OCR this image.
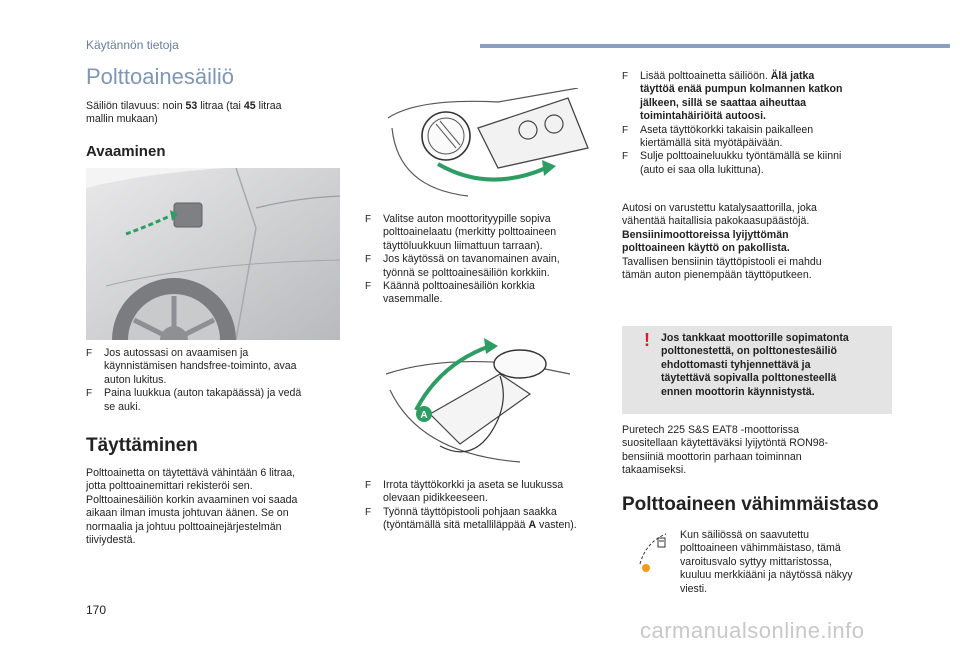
Käytännön tietoja
Polttoainesäiliö
Säiliön tilavuus: noin 53 litraa (tai 45 litraa
mallin mukaan)
Avaaminen
F Jos autossasi on avaamisen ja
käynnistämisen handsfree-toiminto, avaa
auton lukitus.
F Paina luukkua (auton takapäässä) ja vedä
se auki.
Täyttäminen
Polttoainetta on täytettävä vähintään 6 litraa,
jotta polttoainemittari rekisteröi sen.
Polttoainesäiliön korkin avaaminen voi saada
aikaan ilman imusta johtuvan äänen. Se on
normaalia ja johtuu polttoainejärjestelmän
tiiviydestä.
F Valitse auton moottorityypille sopiva
polttoainelaatu (merkitty polttoaineen
täyttöluukkuun liimattuun tarraan).
F Jos käytössä on tavanomainen avain,
työnnä se polttoainesäiliön korkkiin.
F Käännä polttoainesäiliön korkkia
vasemmalle.
A
F Irrota täyttökorkki ja aseta se luukussa
olevaan pidikkeeseen.
F Työnnä täyttöpistooli pohjaan saakka
(työntämällä sitä metalliläppää A vasten).
F Lisää polttoainetta säiliöön. Älä jatka
täyttöä enää pumpun kolmannen katkon
jälkeen, sillä se saattaa aiheuttaa
toimintahäiriöitä autoosi.
F Aseta täyttökorkki takaisin paikalleen
kiertämällä sitä myötäpäivään.
F Sulje polttoaineluukku työntämällä se kiinni
(auto ei saa olla lukittuna).
Autosi on varustettu katalysaattorilla, joka
vähentää haitallisia pakokaasupäästöjä.
Bensiinimoottoreissa lyijyttömän
polttoaineen käyttö on pakollista.
Tavallisen bensiinin täyttöpistooli ei mahdu
tämän auton pienempään täyttöputkeen.
! Jos tankkaat moottorille sopimatonta
polttonestettä, on polttonestesäiliö
ehdottomasti tyhjennettävä ja
täytettävä sopivalla polttonesteellä
ennen moottorin käynnistystä.
Puretech 225 S&S EAT8 -moottorissa
suositellaan käytettäväksi lyijytöntä RON98-
bensiiniä moottorin parhaan toiminnan
takaamiseksi.
Polttoaineen vähimmäistaso
Kun säiliössä on saavutettu
polttoaineen vähimmäistaso, tämä
varoitusvalo syttyy mittaristossa,
kuuluu merkkiääni ja näytössä näkyy
viesti.
170
carmanualsonline.info
